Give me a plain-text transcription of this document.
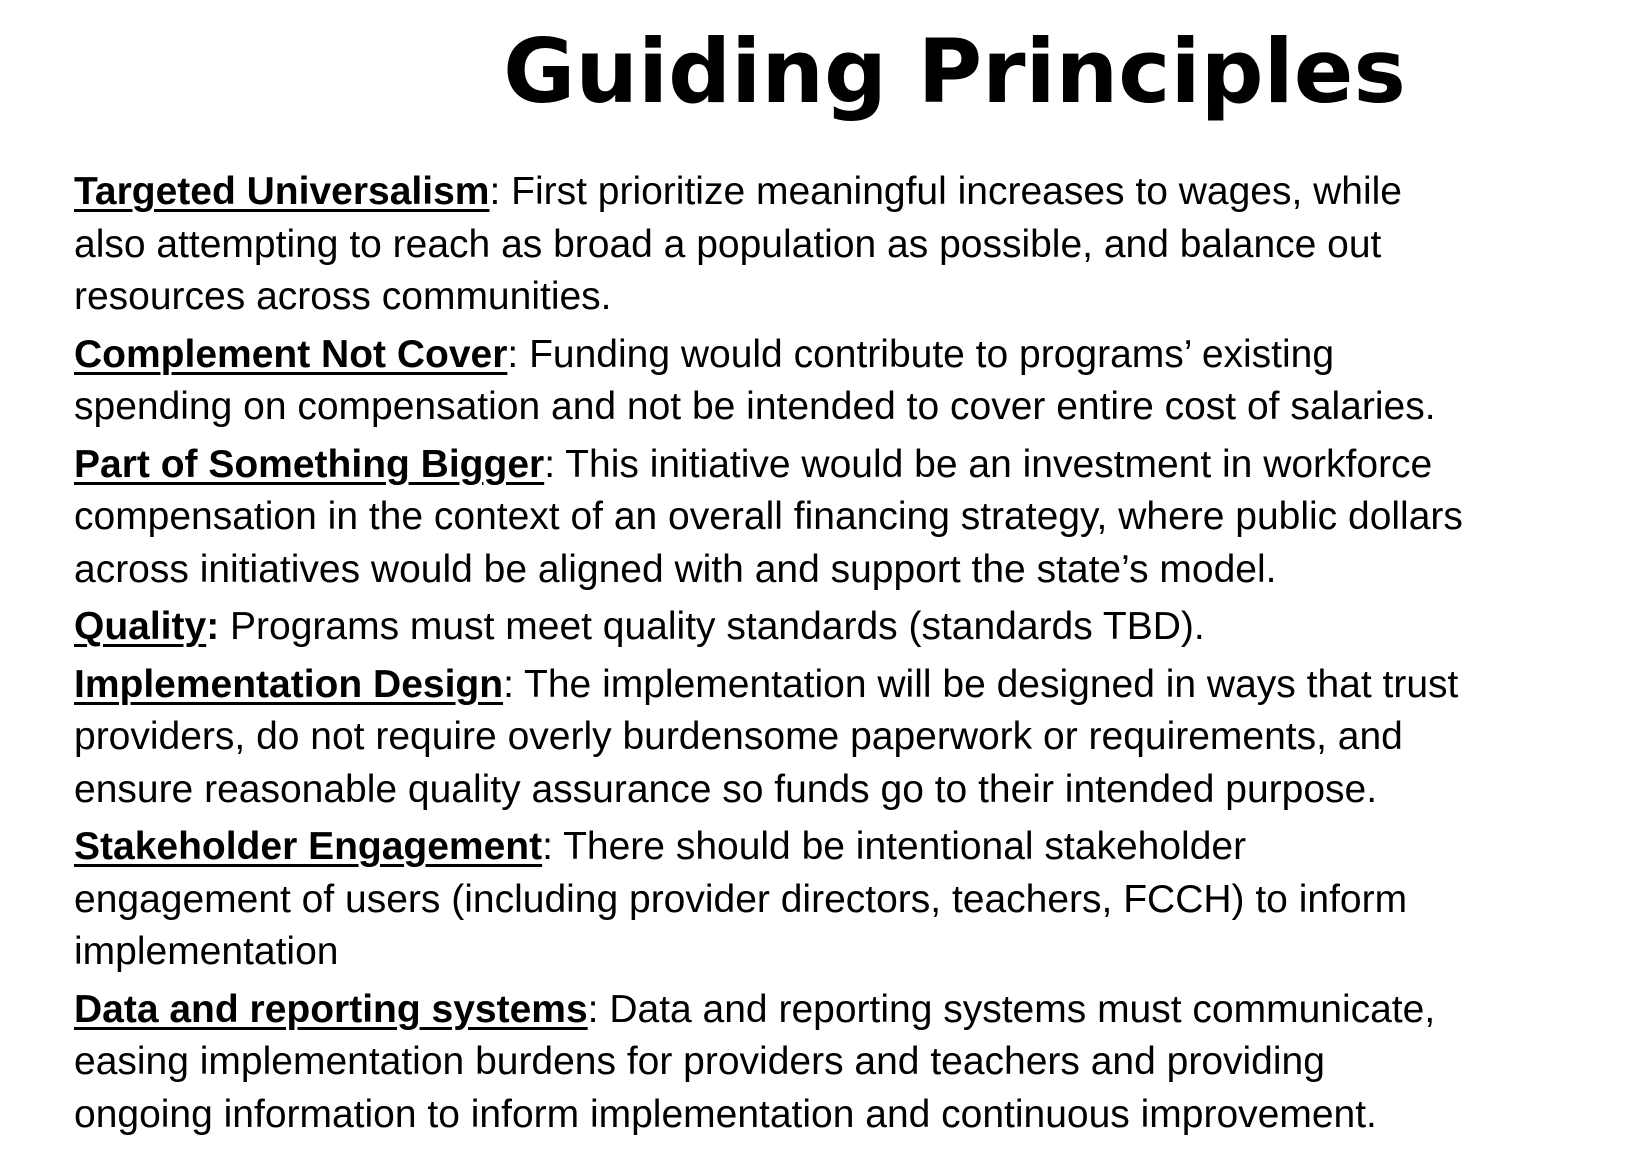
Guiding Principles
Targeted Universalism: First prioritize meaningful increases to wages, while
also attempting to reach as broad a population as possible, and balance out
resources across communities.
Complement Not Cover: Funding would contribute to programs’ existing
spending on compensation and not be intended to cover entire cost of salaries.
Part of Something Bigger: This initiative would be an investment in workforce
compensation in the context of an overall financing strategy, where public dollars
across initiatives would be aligned with and support the state’s model.
Quality: Programs must meet quality standards (standards TBD).
Implementation Design: The implementation will be designed in ways that trust
providers, do not require overly burdensome paperwork or requirements, and
ensure reasonable quality assurance so funds go to their intended purpose.
Stakeholder Engagement: There should be intentional stakeholder
engagement of users (including provider directors, teachers, FCCH) to inform
implementation
Data and reporting systems: Data and reporting systems must communicate,
easing implementation burdens for providers and teachers and providing
ongoing information to inform implementation and continuous improvement.
